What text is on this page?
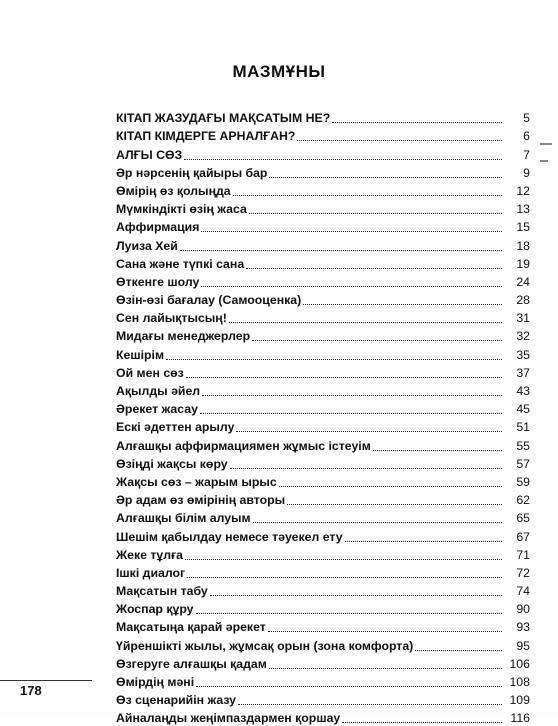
МАЗМҰНЫ
КІТАП ЖАЗУДАҒЫ МАҚСАТЫМ НЕ?	5
КІТАП КІМДЕРГЕ АРНАЛҒАН?	6
АЛҒЫ СӨЗ	7
Әр нәрсенің қайыры бар	9
Өмірің өз қолыңда	12
Мүмкіндікті өзің жаса	13
Аффирмация	15
Луиза Хей	18
Сана және түпкі сана	19
Өткенге шолу	24
Өзін-өзі бағалау (Самооценка)	28
Сен лайықтысың!	31
Мидағы менеджерлер	32
Кешірім	35
Ой мен сөз	37
Ақылды әйел	43
Әрекет жасау	45
Ескі әдеттен арылу	51
Алғашқы аффирмациямен жұмыс істеуім	55
Өзіңді жақсы көру	57
Жақсы сөз – жарым ырыс	59
Әр адам өз өмірінің авторы	62
Алғашқы білім алуым	65
Шешім қабылдау немесе тәуекел ету	67
Жеке тұлға	71
Ішкі диалог	72
Мақсатын табу	74
Жоспар құру	90
Мақсатыңа қарай әрекет	93
Үйреншікті жылы, жұмсақ орын (зона комфорта)	95
Өзгеруге алғашқы қадам	106
Өмірдің мәні	108
Өз сценарийін жазу	109
Айналаңды жеңімпаздармен қоршау	116
178
